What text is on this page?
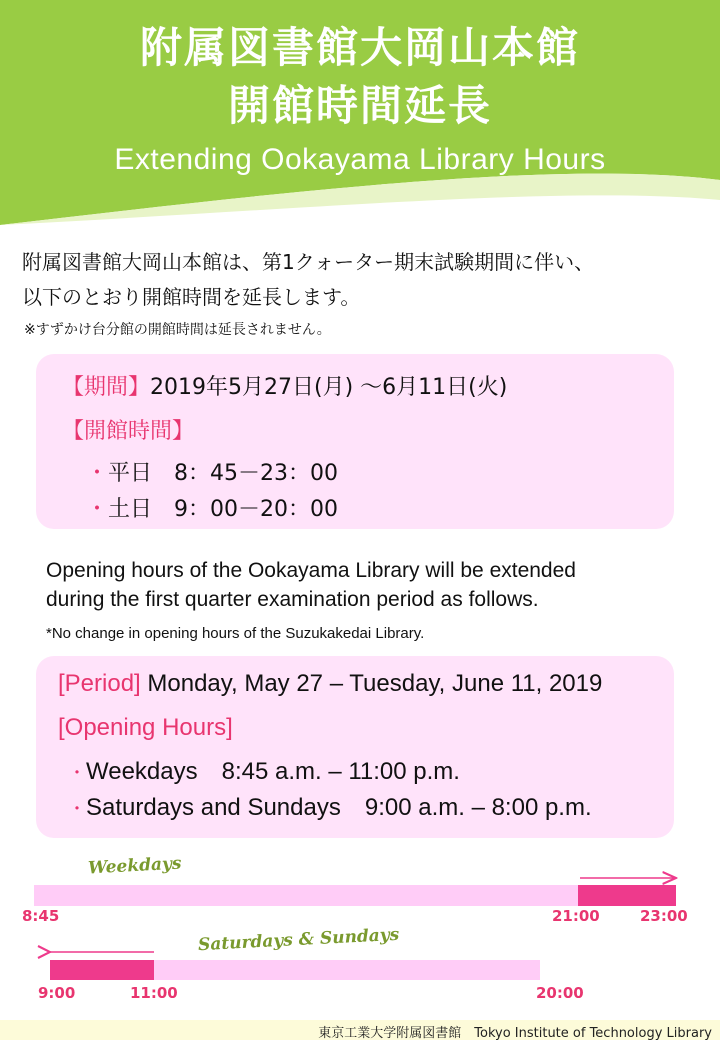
附属図書館大岡山本館
開館時間延長
Extending Ookayama Library Hours
附属図書館大岡山本館は、第1クォーター期末試験期間に伴い、
以下のとおり開館時間を延長します。
※すずかけ台分館の開館時間は延長されません。
【期間】2019年5月27日(月) ～6月11日(火)
【開館時間】
・平日 8：45－23：00
・土日 9：00－20：00
Opening hours of the Ookayama Library will be extended
during the first quarter examination period as follows.
*No change in opening hours of the Suzukakedai Library.
[Period] Monday, May 27 – Tuesday, June 11, 2019
[Opening Hours]
・Weekdays 8:45 a.m. – 11:00 p.m.
・Saturdays and Sundays 9:00 a.m. – 8:00 p.m.
Weekdays
8:45	21:00	23:00
Saturdays & Sundays
9:00	11:00	20:00
東京工業大学附属図書館　Tokyo Institute of Technology Library
